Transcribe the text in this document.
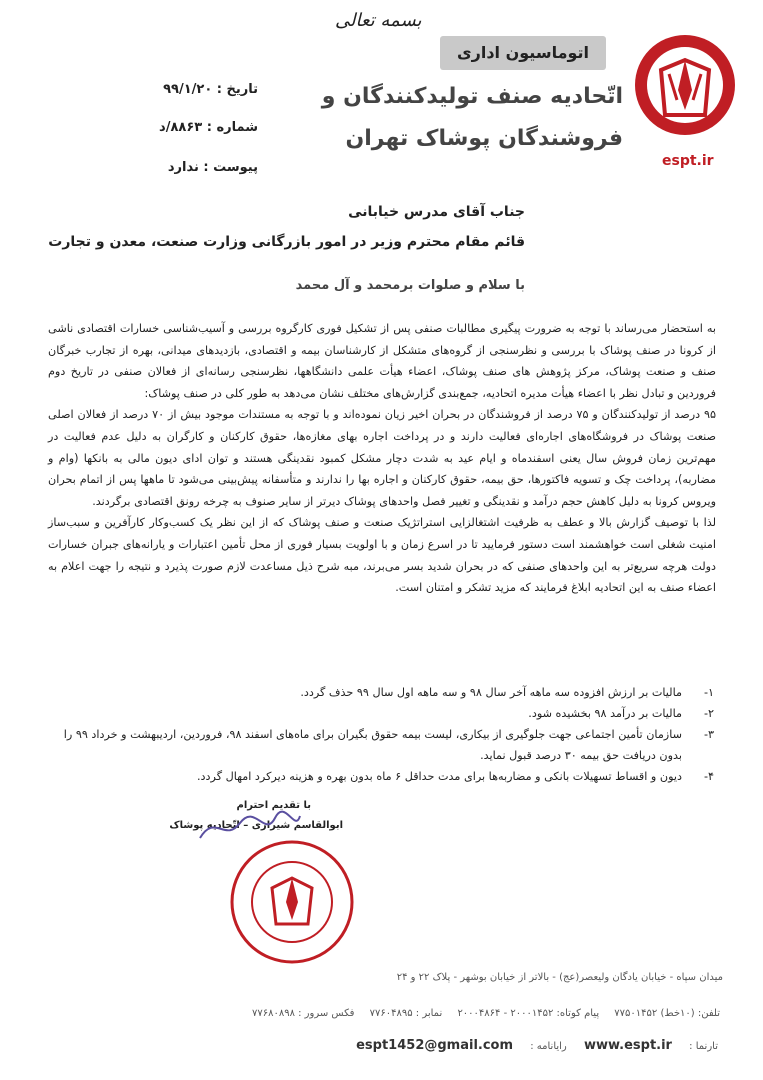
espt.ir
اتوماسیون اداری
بسمه تعالی
اتّحادیه صنف تولیدکنندگان و
فروشندگان پوشاک تهران
تاریخ : ۹۹/۱/۲۰
شماره : ۸۸۶۳/د
پیوست : ندارد
جناب آقای مدرس خیابانی
قائم مقام محترم وزیر در امور بازرگانی وزارت صنعت، معدن و تجارت
با سلام و صلوات برمحمد و آل محمد

به استحضار می‌رساند با توجه به ضرورت پیگیری مطالبات صنفی پس از تشکیل فوری کارگروه بررسی و آسیب‌شناسی خسارات اقتصادی ناشی از کرونا در صنف پوشاک با بررسی و نظرسنجی از گروه‌های متشکل از کارشناسان بیمه و اقتصادی، بازدیدهای میدانی، بهره از تجارب خبرگان صنف و صنعت پوشاک، مرکز پژوهش های صنف پوشاک، اعضاء هیأت علمی دانشگاهها، نظرسنجی رسانه‌ای از فعالان صنفی در تاریخ دوم فروردین و تبادل نظر با اعضاء هیأت مدیره اتحادیه، جمع‌بندی گزارش‌های مختلف نشان می‌دهد به طور کلی در صنف پوشاک:

۹۵ درصد از تولیدکنندگان و ۷۵ درصد از فروشندگان در بحران اخیر زیان نموده‌اند و با توجه به مستندات موجود بیش از ۷۰ درصد از فعالان اصلی صنعت پوشاک در فروشگاه‌های اجاره‌ای فعالیت دارند و در پرداخت اجاره بهای مغازه‌ها، حقوق کارکنان و کارگران به دلیل عدم فعالیت در مهم‌ترین زمان فروش سال یعنی اسفندماه و ایام عید به شدت دچار مشکل کمبود نقدینگی هستند و توان ادای دیون مالی به بانکها (وام و مضاربه)، پرداخت چک و تسویه فاکتورها، حق بیمه، حقوق کارکنان و اجاره بها را ندارند و متأسفانه پیش‌بینی می‌شود تا ماهها پس از اتمام بحران ویروس کرونا به دلیل کاهش حجم درآمد و نقدینگی و تغییر فصل واحدهای پوشاک دیرتر از سایر صنوف به چرخه رونق اقتصادی برگردند.

لذا با توصیف گزارش بالا و عطف به ظرفیت اشتغالزایی استراتژیک صنعت و صنف پوشاک که از این نظر یک کسب‌وکار کارآفرین و سبب‌ساز امنیت شغلی است خواهشمند است دستور فرمایید تا در اسرع زمان و با اولویت بسیار فوری از محل تأمین اعتبارات و یارانه‌های جبران خسارات دولت هرچه سریع‌تر به این واحدهای صنفی که در بحران شدید بسر می‌برند، مبه شرح ذیل مساعدت لازم صورت پذیرد و نتیجه را جهت اعلام به اعضاء صنف به این اتحادیه ابلاغ فرمایند که مزید تشکر و امتنان است.

۱-
مالیات بر ارزش افزوده سه ماهه آخر سال ۹۸ و سه ماهه اول سال ۹۹ حذف گردد.
۲-
مالیات بر درآمد ۹۸ بخشیده شود.
۳-
سازمان تأمین اجتماعی جهت جلوگیری از بیکاری، لیست بیمه حقوق بگیران برای ماه‌های اسفند ۹۸، فروردین، اردیبهشت و خرداد ۹۹ را بدون دریافت حق بیمه ۳۰ درصد قبول نماید.
۴-
دیون و اقساط تسهیلات بانکی و مضاربه‌ها برای مدت حداقل ۶ ماه بدون بهره و هزینه دیرکرد امهال گردد.
با تقدیم احترام
ابوالقاسم شیرازی – اتّحادیه پوشاک
میدان سپاه - خیابان یادگان ولیعصر(عج) - بالاتر از خیابان بوشهر - پلاک ۲۲ و ۲۴
تلفن: (۱۰خط) ۷۷۵۰۱۴۵۲ پیام کوتاه: ۲۰۰۰۱۴۵۲ - ۲۰۰۰۴۸۶۴ نمابر : ۷۷۶۰۴۸۹۵ فکس سرور : ۷۷۶۸۰۸۹۸
تارنما : www.espt.ir رایانامه : espt1452@gmail.com
